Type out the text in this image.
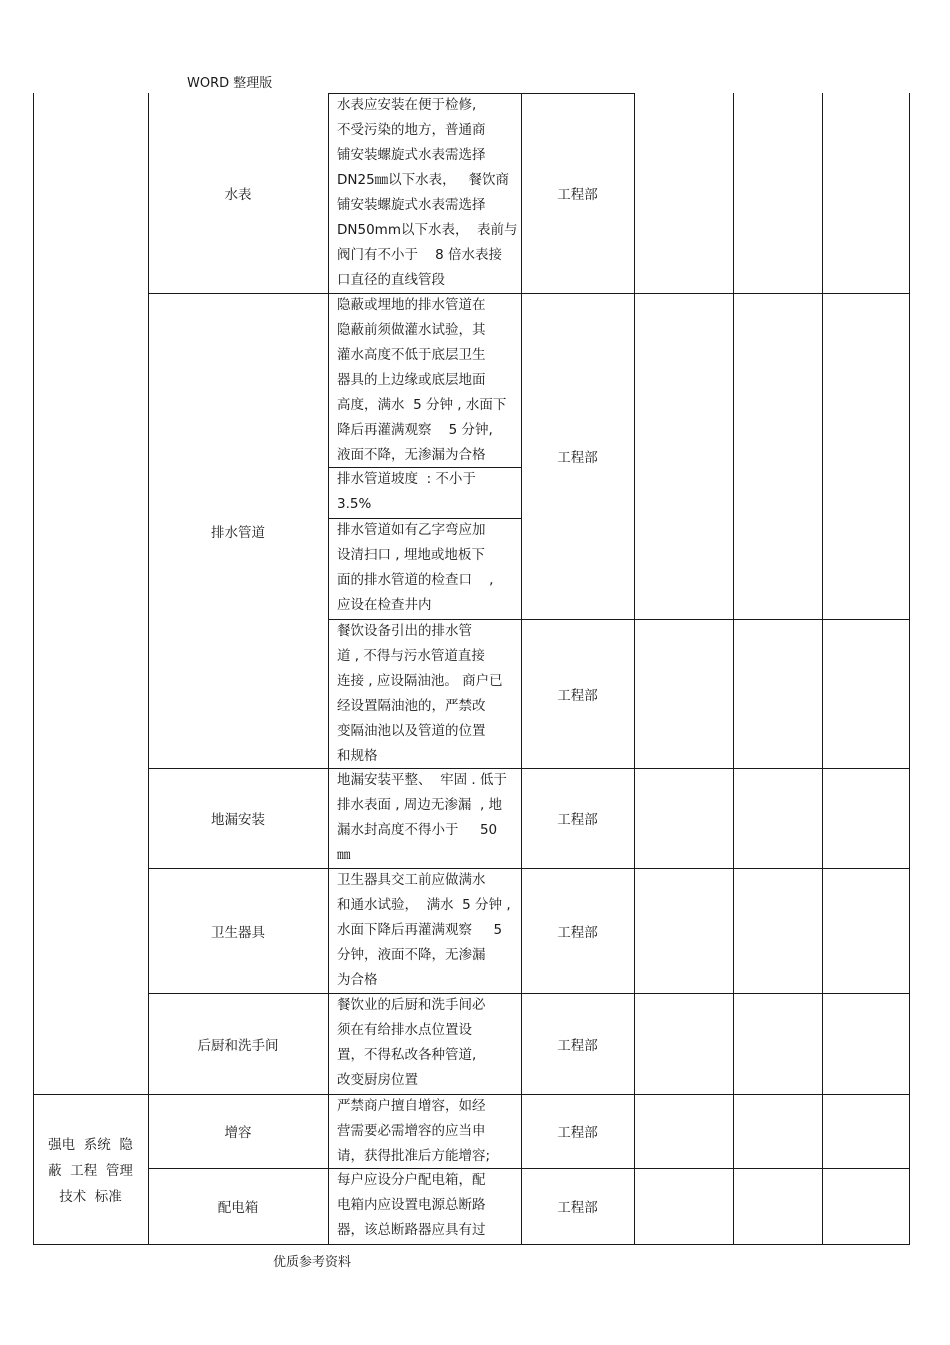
WORD 整理版
水表
水表应安装在便于检修,
不受污染的地方，普通商
铺安装螺旋式水表需选择
DN25㎜以下水表，   餐饮商
铺安装螺旋式水表需选择
DN50mm以下水表，  表前与
阀门有不小于    8 倍水表接
口直径的直线管段
工程部
排水管道
隐蔽或埋地的排水管道在
隐蔽前须做灌水试验，其
灌水高度不低于底层卫生
器具的上边缘或底层地面
高度，满水  5 分钟 , 水面下
降后再灌满观察    5 分钟,
液面不降，无渗漏为合格
排水管道坡度  : 不小于
3.5%
排水管道如有乙字弯应加
设清扫口 , 埋地或地板下
面的排水管道的检查口    ,
应设在检查井内
工程部
餐饮设备引出的排水管
道 , 不得与污水管道直接
连接 , 应设隔油池。 商户已
经设置隔油池的，严禁改
变隔油池以及管道的位置
和规格
工程部
地漏安装
地漏安装平整、  牢固 . 低于
排水表面 , 周边无渗漏  , 地
漏水封高度不得小于     50
㎜
工程部
卫生器具
卫生器具交工前应做满水
和通水试验，  满水  5 分钟 ,
水面下降后再灌满观察     5
分钟，液面不降，无渗漏
为合格
工程部
后厨和洗手间
餐饮业的后厨和洗手间必
须在有给排水点位置设
置，不得私改各种管道,
改变厨房位置
工程部
强电  系统  隐
蔽  工程  管理
技术  标准
增容
严禁商户擅自增容，如经
营需要必需增容的应当申
请，获得批准后方能增容;
工程部
配电箱
每户应设分户配电箱，配
电箱内应设置电源总断路
器，该总断路器应具有过
工程部
优质参考资料
